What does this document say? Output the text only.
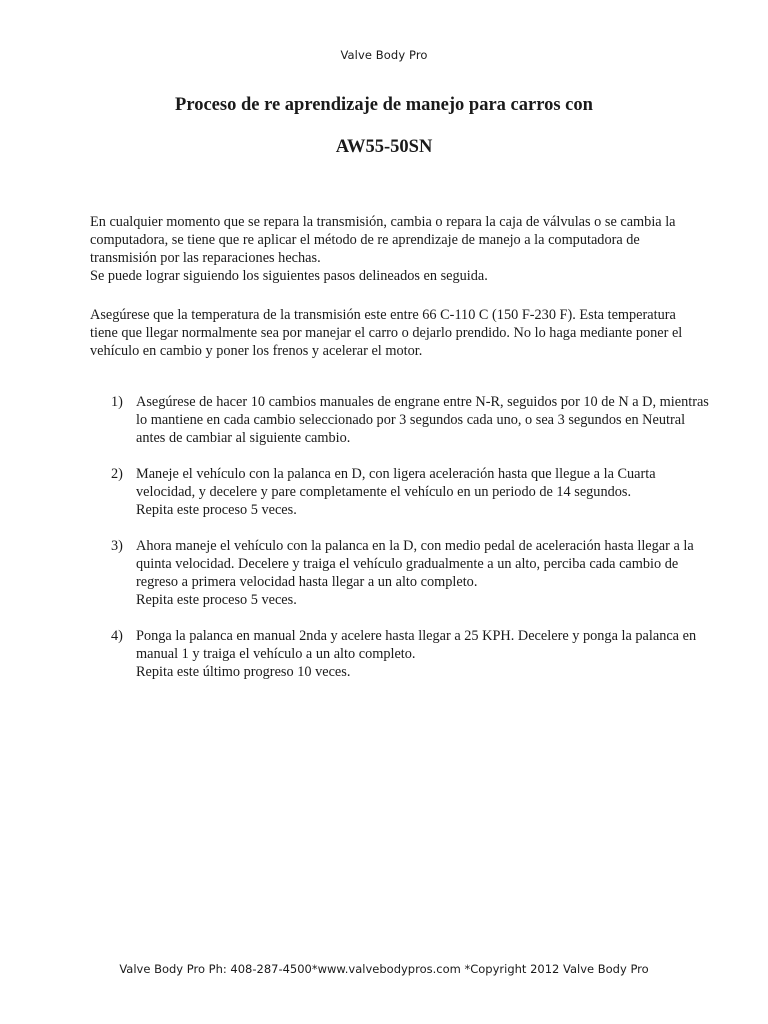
Valve Body Pro
Proceso de re aprendizaje de manejo para carros con
AW55-50SN
En cualquier momento que se repara la transmisión, cambia o repara la caja de válvulas o se cambia la computadora, se tiene que re aplicar el método de re aprendizaje de manejo a la computadora de transmisión por las reparaciones hechas.
Se puede lograr siguiendo los siguientes pasos delineados en seguida.

Asegúrese que la temperatura de la transmisión este entre 66 C-110 C (150 F-230 F). Esta temperatura tiene que llegar normalmente sea por manejar el carro o dejarlo prendido. No lo haga mediante poner el vehículo en cambio y poner los frenos y acelerar el motor.

1) Asegúrese de hacer 10 cambios manuales de engrane entre N-R, seguidos por 10 de N a D, mientras lo mantiene en cada cambio seleccionado por 3 segundos cada uno, o sea 3 segundos en Neutral antes de cambiar al siguiente cambio.
2) Maneje el vehículo con la palanca en D, con ligera aceleración hasta que llegue a la Cuarta velocidad, y decelere y pare completamente el vehículo en un periodo de 14 segundos.
Repita este proceso 5 veces.
3) Ahora maneje el vehículo con la palanca en la D, con medio pedal de aceleración hasta llegar a la quinta velocidad. Decelere y traiga el vehículo gradualmente a un alto, perciba cada cambio de regreso a primera velocidad hasta llegar a un alto completo.
Repita este proceso 5 veces.
4) Ponga la palanca en manual 2nda y acelere hasta llegar a 25 KPH. Decelere y ponga la palanca en manual 1 y traiga el vehículo a un alto completo.
Repita este último progreso 10 veces.
Valve Body Pro Ph: 408-287-4500*www.valvebodypros.com *Copyright 2012 Valve Body Pro
